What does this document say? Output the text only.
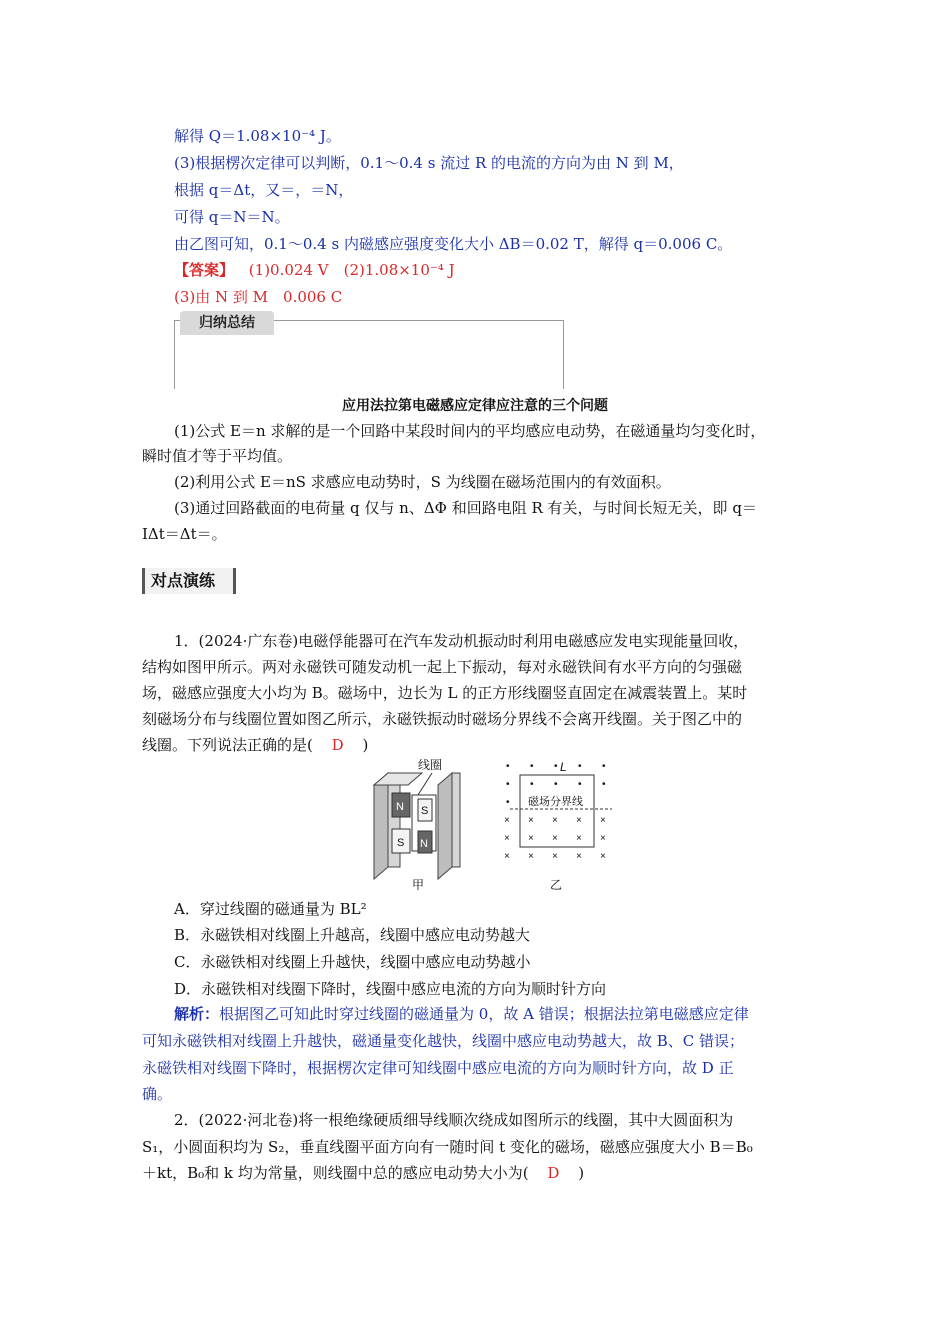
解得 Q＝1.08×10⁻⁴ J。
(3)根据楞次定律可以判断，0.1～0.4 s 流过 R 的电流的方向为由 N 到 M，
根据 q＝Δt，又＝，＝N，
可得 q＝N＝N。
由乙图可知，0.1～0.4 s 内磁感应强度变化大小 ΔB＝0.02 T，解得 q＝0.006 C。
【答案】 (1)0.024 V　(2)1.08×10⁻⁴ J
(3)由 N 到 M　0.006 C
归纳总结
应用法拉第电磁感应定律应注意的三个问题
(1)公式 E＝n 求解的是一个回路中某段时间内的平均感应电动势，在磁通量均匀变化时，
瞬时值才等于平均值。
(2)利用公式 E＝nS 求感应电动势时，S 为线圈在磁场范围内的有效面积。
(3)通过回路截面的电荷量 q 仅与 n、ΔΦ 和回路电阻 R 有关，与时间长短无关，即 q＝
IΔt＝Δt＝。
对点演练
1．(2024·广东卷)电磁俘能器可在汽车发动机振动时利用电磁感应发电实现能量回收，
结构如图甲所示。两对永磁铁可随发动机一起上下振动，每对永磁铁间有水平方向的匀强磁
场，磁感应强度大小均为 B。磁场中，边长为 L 的正方形线圈竖直固定在减震装置上。某时
刻磁场分布与线圈位置如图乙所示，永磁铁振动时磁场分界线不会离开线圈。关于图乙中的
线圈。下列说法正确的是( D )
N
S
线圈
S
N
甲
• • • • •
• • • • •
•
× × × × ×
× × × × ×
× × × × ×
L
磁场分界线
乙
A．穿过线圈的磁通量为 BL²
B．永磁铁相对线圈上升越高，线圈中感应电动势越大
C．永磁铁相对线圈上升越快，线圈中感应电动势越小
D．永磁铁相对线圈下降时，线圈中感应电流的方向为顺时针方向
解析：根据图乙可知此时穿过线圈的磁通量为 0，故 A 错误；根据法拉第电磁感应定律
可知永磁铁相对线圈上升越快，磁通量变化越快，线圈中感应电动势越大，故 B、C 错误；
永磁铁相对线圈下降时，根据楞次定律可知线圈中感应电流的方向为顺时针方向，故 D 正
确。
2．(2022·河北卷)将一根绝缘硬质细导线顺次绕成如图所示的线圈，其中大圆面积为
S₁，小圆面积均为 S₂，垂直线圈平面方向有一随时间 t 变化的磁场，磁感应强度大小 B＝B₀
＋kt，B₀和 k 均为常量，则线圈中总的感应电动势大小为( D )
